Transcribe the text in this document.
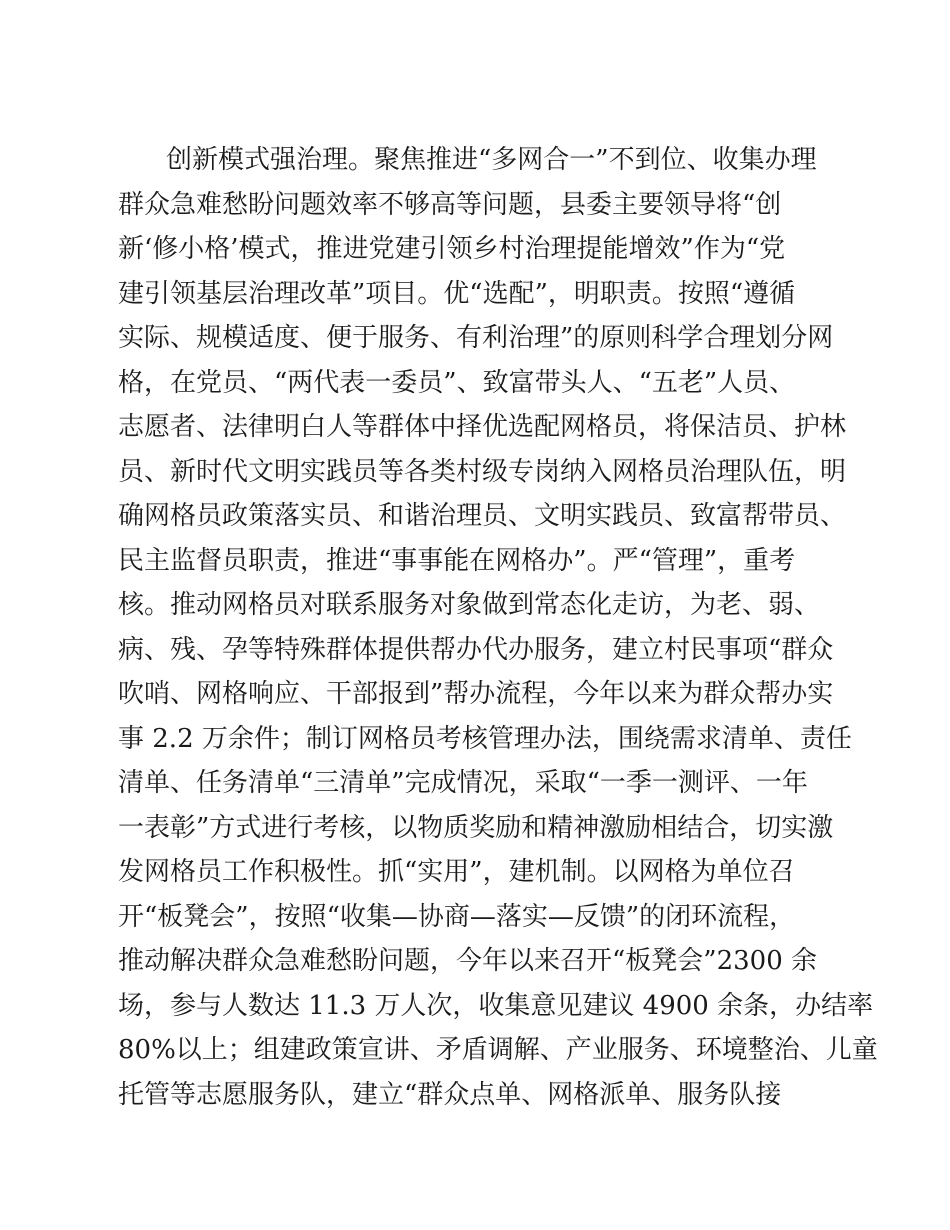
创新模式强治理。聚焦推进“多网合一”不到位、收集办理
群众急难愁盼问题效率不够高等问题，县委主要领导将“创
新‘修小格’模式，推进党建引领乡村治理提能增效”作为“党
建引领基层治理改革”项目。优“选配”，明职责。按照“遵循
实际、规模适度、便于服务、有利治理”的原则科学合理划分网
格，在党员、“两代表一委员”、致富带头人、“五老”人员、
志愿者、法律明白人等群体中择优选配网格员，将保洁员、护林
员、新时代文明实践员等各类村级专岗纳入网格员治理队伍，明
确网格员政策落实员、和谐治理员、文明实践员、致富帮带员、
民主监督员职责，推进“事事能在网格办”。严“管理”，重考
核。推动网格员对联系服务对象做到常态化走访，为老、弱、
病、残、孕等特殊群体提供帮办代办服务，建立村民事项“群众
吹哨、网格响应、干部报到”帮办流程，今年以来为群众帮办实
事 2.2 万余件；制订网格员考核管理办法，围绕需求清单、责任
清单、任务清单“三清单”完成情况，采取“一季一测评、一年
一表彰”方式进行考核，以物质奖励和精神激励相结合，切实激
发网格员工作积极性。抓“实用”，建机制。以网格为单位召
开“板凳会”，按照“收集—协商—落实—反馈”的闭环流程，
推动解决群众急难愁盼问题，今年以来召开“板凳会”2300 余
场，参与人数达 11.3 万人次，收集意见建议 4900 余条，办结率
80%以上；组建政策宣讲、矛盾调解、产业服务、环境整治、儿童
托管等志愿服务队，建立“群众点单、网格派单、服务队接
